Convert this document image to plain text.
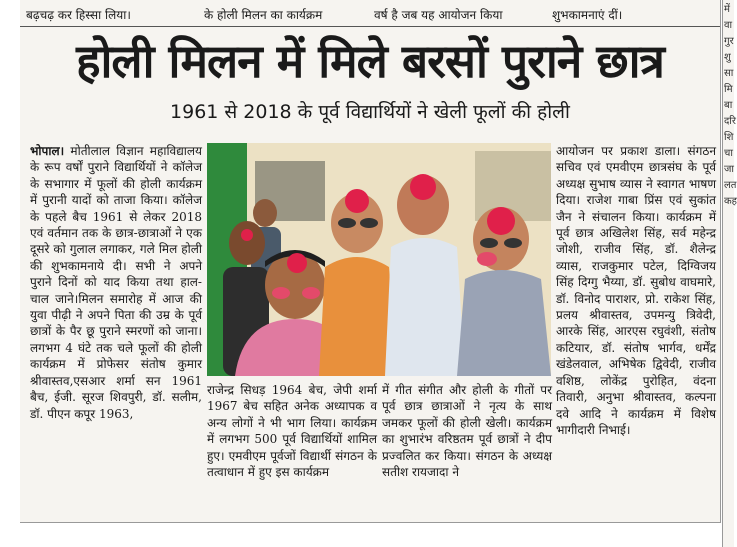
बढ़चढ़ कर हिस्सा लिया।	के होली मिलन का कार्यक्रम	वर्ष है जब यह आयोजन किया	शुभकामनाएं दीं।
होली मिलन में मिले बरसों पुराने छात्र
1961 से 2018 के पूर्व विद्यार्थियों ने खेली फूलों की होली
भोपाल। मोतीलाल विज्ञान महाविद्यालय के रूप वर्षों पुराने विद्यार्थियों ने कॉलेज के सभागार में फूलों की होली कार्यक्रम में पुरानी यादों को ताजा किया। कॉलेज के पहले बैच 1961 से लेकर 2018 एवं वर्तमान तक के छात्र-छात्राओं ने एक दूसरे को गुलाल लगाकर, गले मिल होली की शुभकामनाये दी। सभी ने अपने पुराने दिनों को याद किया तथा हाल-चाल जाने।मिलन समारोह में आज की युवा पीढ़ी ने अपने पिता की उम्र के पूर्व छात्रों के पैर छू पुराने स्मरणों को जाना। लगभग 4 घंटे तक चले फूलों की होली कार्यक्रम में प्रोफेसर संतोष कुमार श्रीवास्तव,एसआर शर्मा सन 1961 बैच, ईजी. सूरज शिवपुरी, डॉ. सलीम, डॉ. पीएन कपूर 1963,
राजेन्द्र सिधड़ 1964 बेच, जेपी शर्मा 1967 बेच सहित अनेक अध्यापक व अन्य लोगों ने भी भाग लिया। कार्यक्रम में लगभग 500 पूर्व विद्यार्थियों शामिल हुए। एमवीएम पूर्वजों विद्यार्थी संगठन के तत्वाधान में हुए इस कार्यक्रम
में गीत संगीत और होली के गीतों पर पूर्व छात्र छात्राओं ने नृत्य के साथ जमकर फूलों की होली खेली। कार्यक्रम का शुभारंभ वरिष्ठतम पूर्व छात्रों ने दीप प्रज्वलित कर किया। संगठन के अध्यक्ष सतीश रायजादा ने
आयोजन पर प्रकाश डाला। संगठन सचिव एवं एमवीएम छात्रसंघ के पूर्व अध्यक्ष सुभाष व्यास ने स्वागत भाषण दिया। राजेश गाबा प्रिंस एवं सुकांत जैन ने संचालन किया। कार्यक्रम में पूर्व छात्र अखिलेश सिंह, सर्व महेन्द्र जोशी, राजीव सिंह, डॉ. शैलेन्द्र व्यास, राजकुमार पटेल, दिग्विजय सिंह दिग्गु भैय्या, डॉ. सुबोध वाघमारे, डॉ. विनोद पाराशर, प्रो. राकेश सिंह, प्रलय श्रीवास्तव, उपमन्यु त्रिवेदी, आरके सिंह, आरएस रघुवंशी, संतोष कटियार, डॉ. संतोष भार्गव, धर्मेंद्र खंडेलवाल, अभिषेक द्विवेदी, राजीव वशिष्ठ, लोकेंद्र पुरोहित, वंदना तिवारी, अनुभा श्रीवास्तव, कल्पना दवे आदि ने कार्यक्रम में विशेष भागीदारी निभाई।
में
वा
गुर
शु
सा
मि
बा
दरि
शि
चा
जा
लत
कह
